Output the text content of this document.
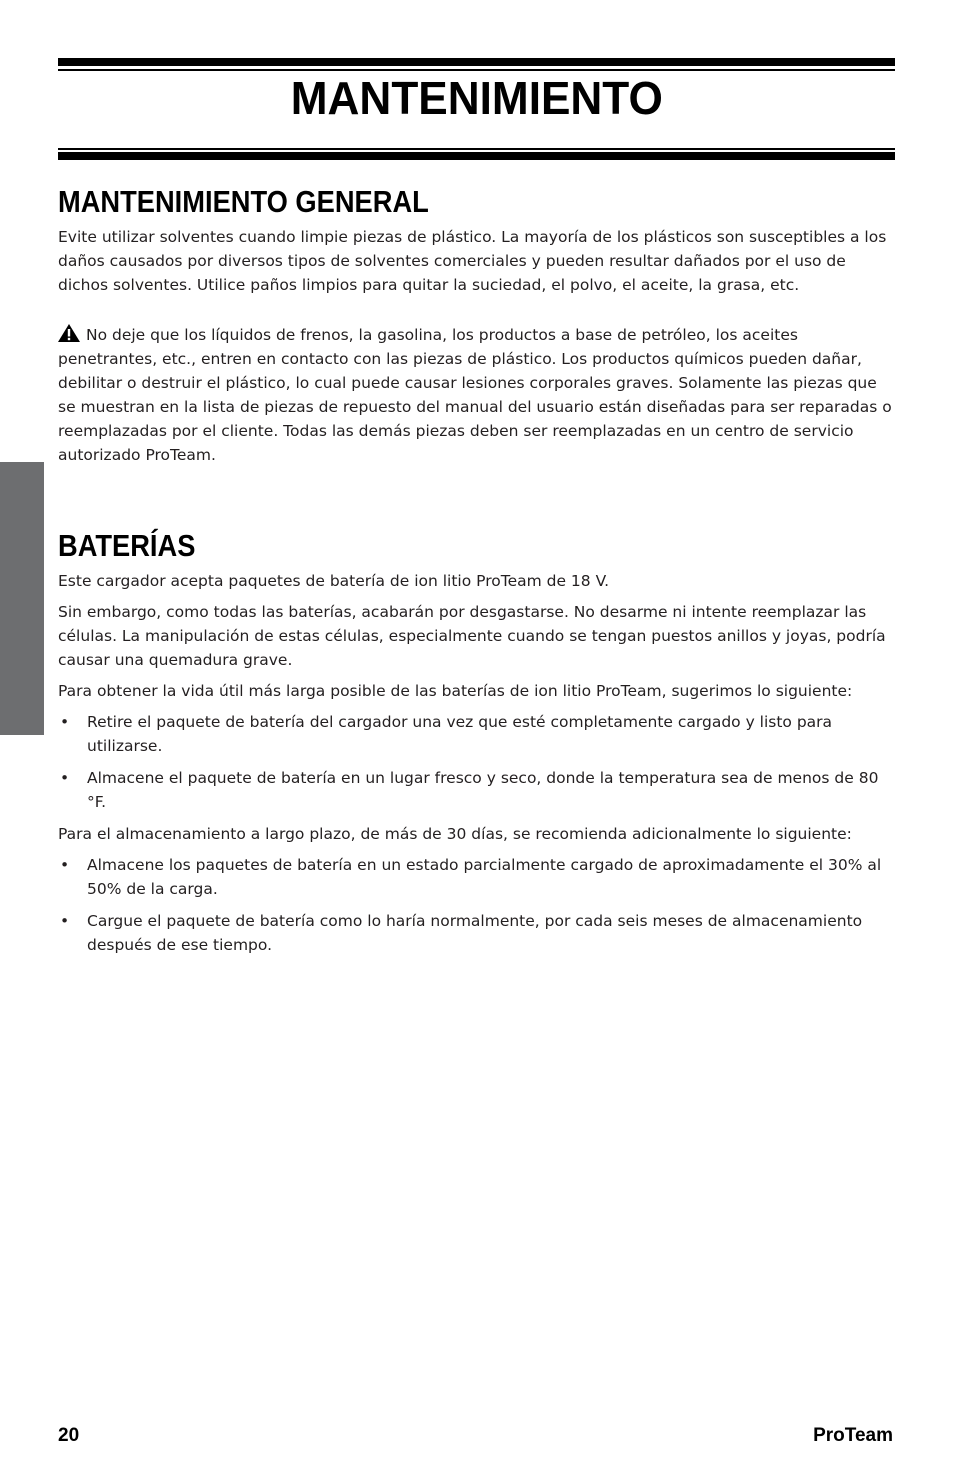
MANTENIMIENTO
MANTENIMIENTO GENERAL

Evite utilizar solventes cuando limpie piezas de plástico. La mayoría de los plásticos son susceptibles a los daños causados por diversos tipos de solventes comerciales y pueden resultar dañados por el uso de dichos solventes. Utilice paños limpios para quitar la suciedad, el polvo, el aceite, la grasa, etc.

No deje que los líquidos de frenos, la gasolina, los productos a base de petróleo, los aceites penetrantes, etc., entren en contacto con las piezas de plástico. Los productos químicos pueden dañar, debilitar o destruir el plástico, lo cual puede causar lesiones corporales graves. Solamente las piezas que se muestran en la lista de piezas de repuesto del manual del usuario están diseñadas para ser reparadas o reemplazadas por el cliente. Todas las demás piezas deben ser reemplazadas en un centro de servicio autorizado ProTeam.

BATERÍAS

Este cargador acepta paquetes de batería de ion litio ProTeam de 18 V.

Sin embargo, como todas las baterías, acabarán por desgastarse. No desarme ni intente reemplazar las células. La manipulación de estas células, especialmente cuando se tengan puestos anillos y joyas, podría causar una quemadura grave.

Para obtener la vida útil más larga posible de las baterías de ion litio ProTeam, sugerimos lo siguiente:

• Retire el paquete de batería del cargador una vez que esté completamente cargado y listo para utilizarse.
• Almacene el paquete de batería en un lugar fresco y seco, donde la temperatura sea de menos de 80 °F.

Para el almacenamiento a largo plazo, de más de 30 días, se recomienda adicionalmente lo siguiente:

• Almacene los paquetes de batería en un estado parcialmente cargado de aproximadamente el 30% al 50% de la carga.
• Cargue el paquete de batería como lo haría normalmente, por cada seis meses de almacenamiento después de ese tiempo.
20	ProTeam
